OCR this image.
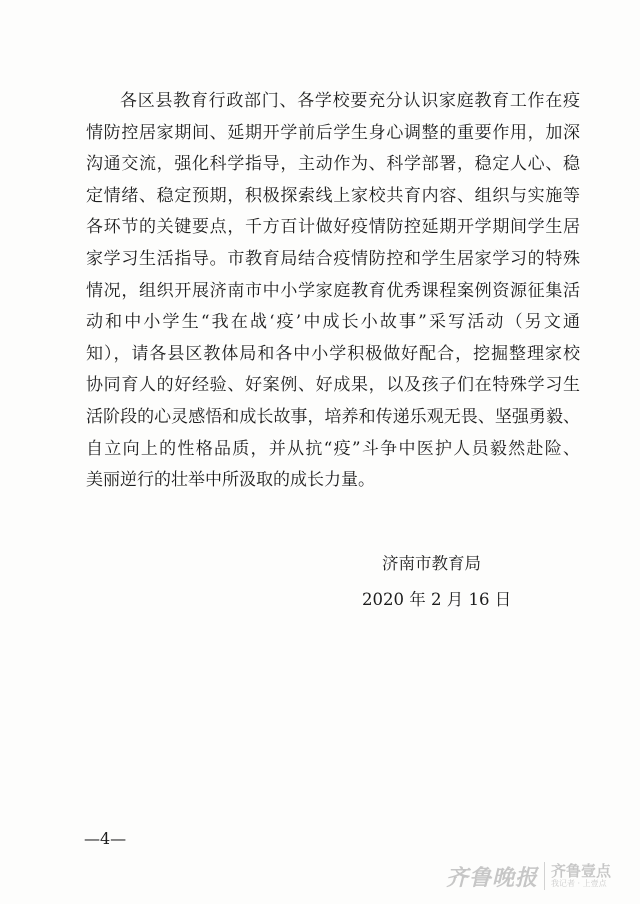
各区县教育行政部门、各学校要充分认识家庭教育工作在疫
情防控居家期间、延期开学前后学生身心调整的重要作用，加深
沟通交流，强化科学指导，主动作为、科学部署，稳定人心、稳
定情绪、稳定预期，积极探索线上家校共育内容、组织与实施等
各环节的关键要点，千方百计做好疫情防控延期开学期间学生居
家学习生活指导。市教育局结合疫情防控和学生居家学习的特殊
情况，组织开展济南市中小学家庭教育优秀课程案例资源征集活
动和中小学生“我在战‘疫’中成长小故事”采写活动（另文通
知），请各县区教体局和各中小学积极做好配合，挖掘整理家校
协同育人的好经验、好案例、好成果，以及孩子们在特殊学习生
活阶段的心灵感悟和成长故事，培养和传递乐观无畏、坚强勇毅、
自立向上的性格品质，并从抗“疫”斗争中医护人员毅然赴险、
美丽逆行的壮举中所汲取的成长力量。
济南市教育局
2020 年 2 月 16 日
—4—
齐鲁晚报 齐鲁壹点
我记者 · 上壹点
